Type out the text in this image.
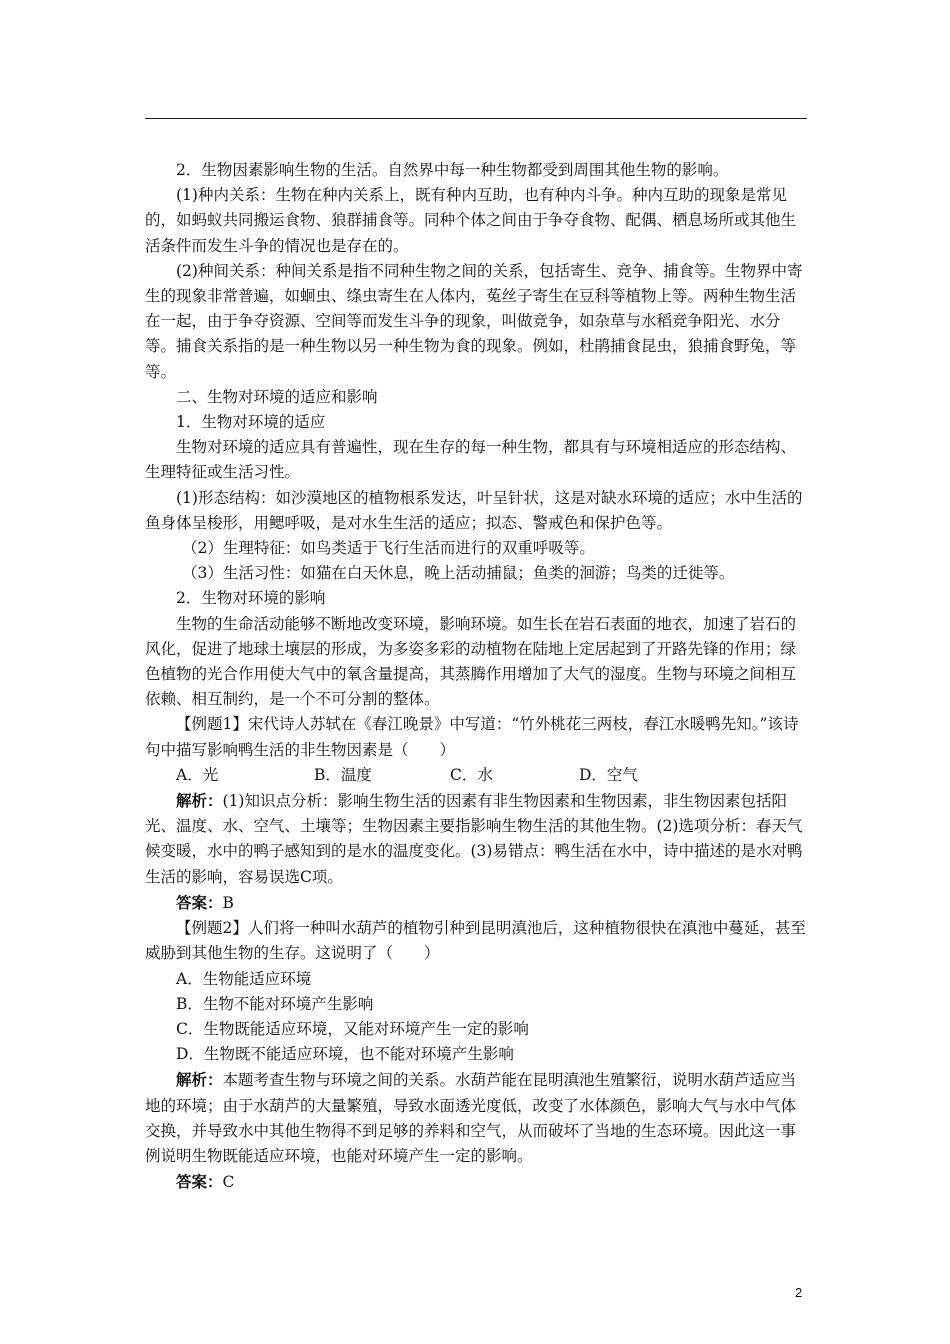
2．生物因素影响生物的生活。自然界中每一种生物都受到周围其他生物的影响。

(1)种内关系：生物在种内关系上，既有种内互助，也有种内斗争。种内互助的现象是常见的，如蚂蚁共同搬运食物、狼群捕食等。同种个体之间由于争夺食物、配偶、栖息场所或其他生活条件而发生斗争的情况也是存在的。

(2)种间关系：种间关系是指不同种生物之间的关系，包括寄生、竞争、捕食等。生物界中寄生的现象非常普遍，如蛔虫、绦虫寄生在人体内，菟丝子寄生在豆科等植物上等。两种生物生活在一起，由于争夺资源、空间等而发生斗争的现象，叫做竞争，如杂草与水稻竞争阳光、水分等。捕食关系指的是一种生物以另一种生物为食的现象。例如，杜鹃捕食昆虫，狼捕食野兔，等等。

二、生物对环境的适应和影响

1．生物对环境的适应

生物对环境的适应具有普遍性，现在生存的每一种生物，都具有与环境相适应的形态结构、生理特征或生活习性。

(1)形态结构：如沙漠地区的植物根系发达，叶呈针状，这是对缺水环境的适应；水中生活的鱼身体呈梭形，用鳃呼吸，是对水生生活的适应；拟态、警戒色和保护色等。

（2）生理特征：如鸟类适于飞行生活而进行的双重呼吸等。

（3）生活习性：如猫在白天休息，晚上活动捕鼠；鱼类的洄游；鸟类的迁徙等。

2．生物对环境的影响

生物的生命活动能够不断地改变环境，影响环境。如生长在岩石表面的地衣，加速了岩石的风化，促进了地球土壤层的形成，为多姿多彩的动植物在陆地上定居起到了开路先锋的作用；绿色植物的光合作用使大气中的氧含量提高，其蒸腾作用增加了大气的湿度。生物与环境之间相互依赖、相互制约，是一个不可分割的整体。

【例题1】宋代诗人苏轼在《春江晚景》中写道：“竹外桃花三两枝，春江水暖鸭先知。”该诗句中描写影响鸭生活的非生物因素是（　　）

A．光	B．温度	C．水	D．空气

解析：(1)知识点分析：影响生物生活的因素有非生物因素和生物因素，非生物因素包括阳光、温度、水、空气、土壤等；生物因素主要指影响生物生活的其他生物。(2)选项分析：春天气候变暖，水中的鸭子感知到的是水的温度变化。(3)易错点：鸭生活在水中，诗中描述的是水对鸭生活的影响，容易误选C项。

答案：B

【例题2】人们将一种叫水葫芦的植物引种到昆明滇池后，这种植物很快在滇池中蔓延，甚至威胁到其他生物的生存。这说明了（　　）

A．生物能适应环境

B．生物不能对环境产生影响

C．生物既能适应环境，又能对环境产生一定的影响

D．生物既不能适应环境，也不能对环境产生影响

解析：本题考查生物与环境之间的关系。水葫芦能在昆明滇池生殖繁衍，说明水葫芦适应当地的环境；由于水葫芦的大量繁殖，导致水面透光度低，改变了水体颜色，影响大气与水中气体交换，并导致水中其他生物得不到足够的养料和空气，从而破坏了当地的生态环境。因此这一事例说明生物既能适应环境，也能对环境产生一定的影响。

答案：C

2
